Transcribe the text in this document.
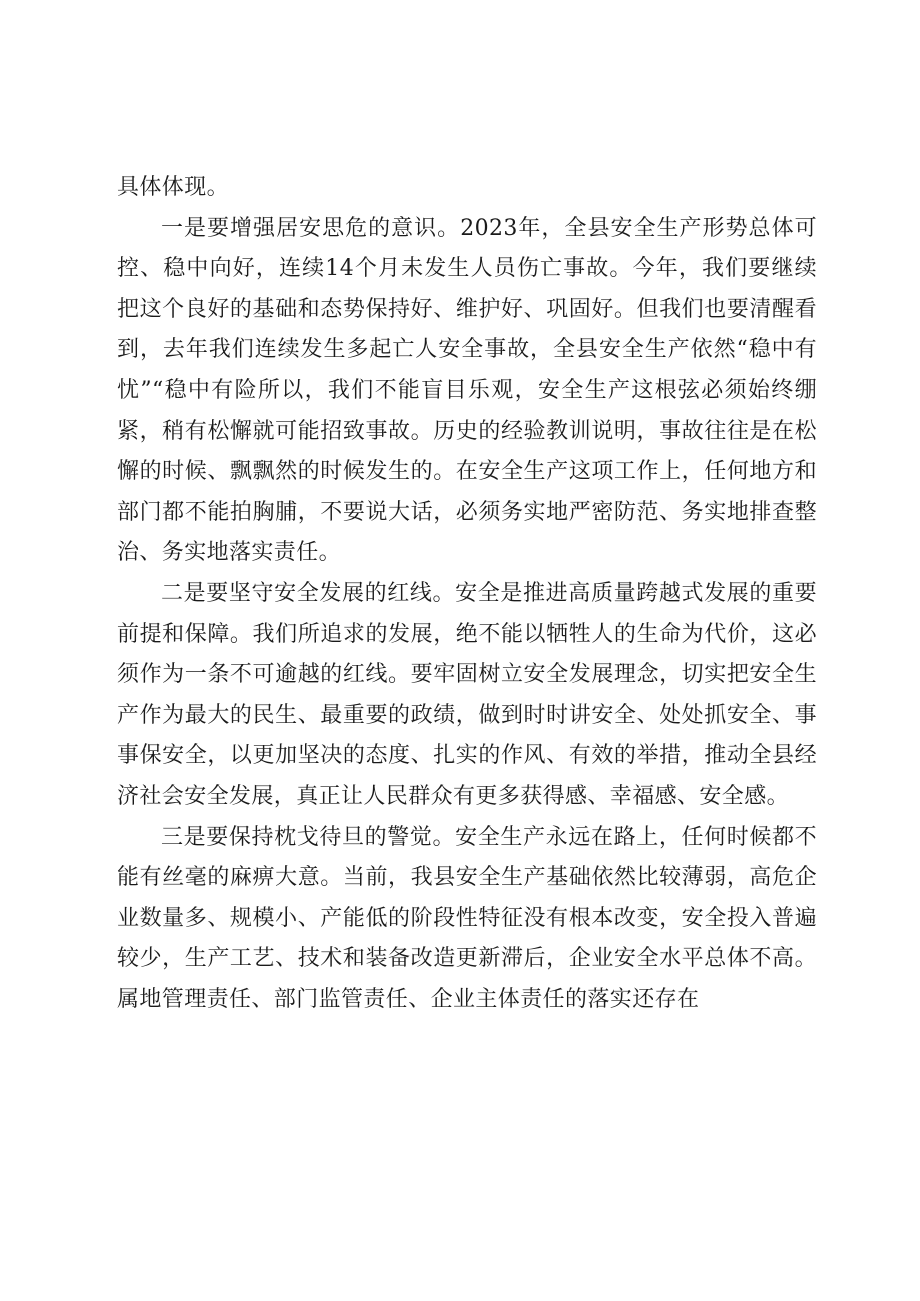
具体体现。

一是要增强居安思危的意识。2023年，全县安全生产形势总体可控、稳中向好，连续14个月未发生人员伤亡事故。今年，我们要继续把这个良好的基础和态势保持好、维护好、巩固好。但我们也要清醒看到，去年我们连续发生多起亡人安全事故，全县安全生产依然“稳中有忧”“稳中有险所以，我们不能盲目乐观，安全生产这根弦必须始终绷紧，稍有松懈就可能招致事故。历史的经验教训说明，事故往往是在松懈的时候、飘飘然的时候发生的。在安全生产这项工作上，任何地方和部门都不能拍胸脯，不要说大话，必须务实地严密防范、务实地排查整治、务实地落实责任。

二是要坚守安全发展的红线。安全是推进高质量跨越式发展的重要前提和保障。我们所追求的发展，绝不能以牺牲人的生命为代价，这必须作为一条不可逾越的红线。要牢固树立安全发展理念，切实把安全生产作为最大的民生、最重要的政绩，做到时时讲安全、处处抓安全、事事保安全，以更加坚决的态度、扎实的作风、有效的举措，推动全县经济社会安全发展，真正让人民群众有更多获得感、幸福感、安全感。

三是要保持枕戈待旦的警觉。安全生产永远在路上，任何时候都不能有丝毫的麻痹大意。当前，我县安全生产基础依然比较薄弱，高危企业数量多、规模小、产能低的阶段性特征没有根本改变，安全投入普遍较少，生产工艺、技术和装备改造更新滞后，企业安全水平总体不高。属地管理责任、部门监管责任、企业主体责任的落实还存在
